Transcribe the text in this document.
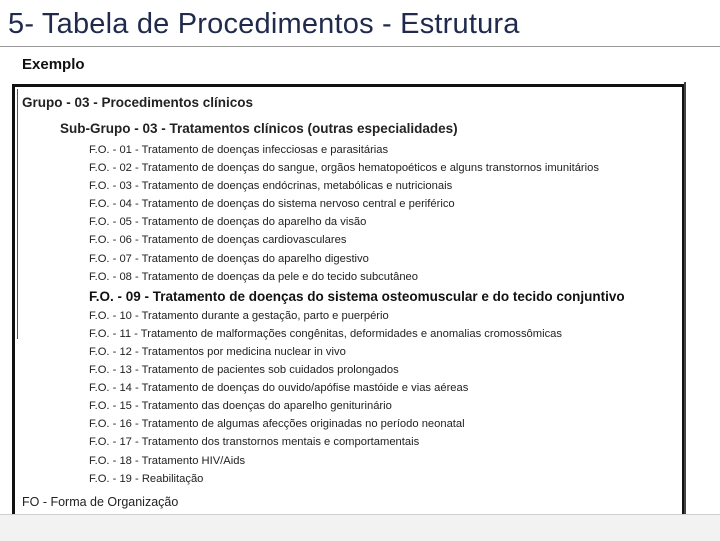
5- Tabela de Procedimentos - Estrutura
Exemplo
Grupo - 03 - Procedimentos clínicos
Sub-Grupo - 03 - Tratamentos clínicos (outras especialidades)
F.O. - 01 - Tratamento de doenças infecciosas e parasitárias
F.O. - 02 - Tratamento de doenças do sangue, orgãos hematopoéticos e alguns transtornos imunitários
F.O. - 03 - Tratamento de doenças endócrinas, metabólicas e nutricionais
F.O. - 04 - Tratamento de doenças do sistema nervoso central e periférico
F.O. - 05 - Tratamento de doenças do aparelho da visão
F.O. - 06 - Tratamento de doenças cardiovasculares
F.O. - 07 - Tratamento de doenças do aparelho digestivo
F.O. - 08 - Tratamento de doenças da pele e do tecido subcutâneo
F.O. - 09 - Tratamento de doenças do sistema osteomuscular e do tecido conjuntivo
F.O. - 10 - Tratamento durante a gestação, parto e puerpério
F.O. - 11 - Tratamento de malformações congênitas, deformidades e anomalias cromossômicas
F.O. - 12 - Tratamentos por medicina nuclear in vivo
F.O. - 13 - Tratamento de pacientes sob cuidados prolongados
F.O. - 14 - Tratamento de doenças do ouvido/apófise mastóide e vias aéreas
F.O. - 15 - Tratamento das doenças do aparelho geniturinário
F.O. - 16 - Tratamento de algumas afecções originadas no período neonatal
F.O. - 17 - Tratamento dos transtornos mentais e comportamentais
F.O. - 18 - Tratamento HIV/Aids
F.O. - 19 - Reabilitação
FO - Forma de Organização
